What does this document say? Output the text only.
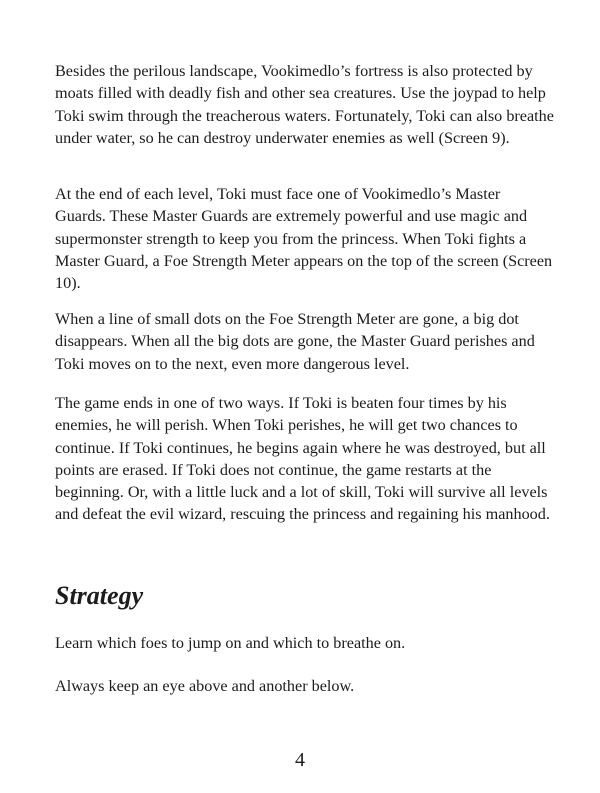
Besides the perilous landscape, Vookimedlo’s fortress is also protected by moats filled with deadly fish and other sea creatures. Use the joypad to help Toki swim through the treacherous waters. Fortunately, Toki can also breathe under water, so he can destroy underwater enemies as well (Screen 9).

At the end of each level, Toki must face one of Vookimedlo’s Master Guards. These Master Guards are extremely powerful and use magic and supermonster strength to keep you from the princess. When Toki fights a Master Guard, a Foe Strength Meter appears on the top of the screen (Screen 10).

When a line of small dots on the Foe Strength Meter are gone, a big dot disappears. When all the big dots are gone, the Master Guard perishes and Toki moves on to the next, even more dangerous level.

The game ends in one of two ways. If Toki is beaten four times by his enemies, he will perish. When Toki perishes, he will get two chances to continue. If Toki continues, he begins again where he was destroyed, but all points are erased. If Toki does not continue, the game restarts at the beginning. Or, with a little luck and a lot of skill, Toki will survive all levels and defeat the evil wizard, rescuing the princess and regaining his manhood.

Strategy

Learn which foes to jump on and which to breathe on.

Always keep an eye above and another below.

4
